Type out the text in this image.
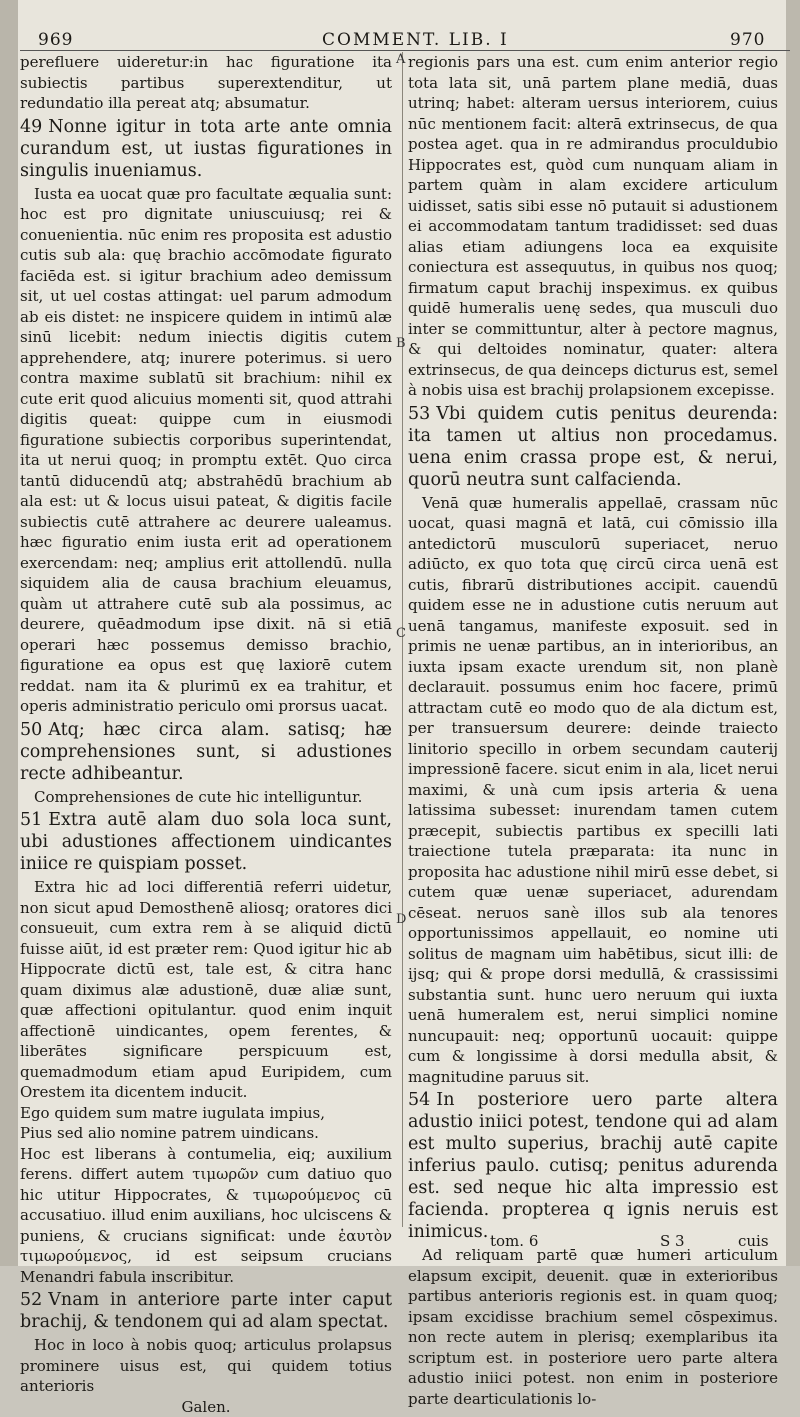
969	COMMENT. LIB. I	970

perefluere uideretur:in hac figuratione ita subiectis partibus superextenditur, ut redundatio illa pereat atq; absumatur.

49 Nonne igitur in tota arte ante omnia curandum est, ut iustas figurationes in singulis inueniamus.

Iusta ea uocat quæ pro facultate æqualia sunt: hoc est pro dignitate uniuscuiusq; rei & conuenientia. nūc enim res proposita est adustio cutis sub ala: quę brachio accōmodate figurato faciēda est. si igitur brachium adeo demissum sit, ut uel costas attingat: uel parum admodum ab eis distet: ne inspicere quidem in intimū alæ sinū licebit: nedum iniectis digitis cutem apprehendere, atq; inurere poterimus. si uero contra maxime sublatū sit brachium: nihil ex cute erit quod alicuius momenti sit, quod attrahi digitis queat: quippe cum in eiusmodi figuratione subiectis corporibus superintendat, ita ut nerui quoq; in promptu extēt. Quo circa tantū diducendū atq; abstrahēdū brachium ab ala est: ut & locus uisui pateat, & digitis facile subiectis cutē attrahere ac deurere ualeamus. hæc figuratio enim iusta erit ad operationem exercendam: neq; amplius erit attollendū. nulla siquidem alia de causa brachium eleuamus, quàm ut attrahere cutē sub ala possimus, ac deurere, quēadmodum ipse dixit. nā si etiā operari hæc possemus demisso brachio, figuratione ea opus est quę laxiorē cutem reddat. nam ita & plurimū ex ea trahitur, et operis administratio periculo omi prorsus uacat.

50 Atq; hæc circa alam. satisq; hæ comprehensiones sunt, si adustiones recte adhibeantur.

Comprehensiones de cute hic intelliguntur.

51 Extra autē alam duo sola loca sunt, ubi adustiones affectionem uindicantes iniice re quispiam posset.

Extra hic ad loci differentiā referri uidetur, non sicut apud Demosthenē aliosq; oratores dici consueuit, cum extra rem à se aliquid dictū fuisse aiūt, id est præter rem: Quod igitur hic ab Hippocrate dictū est, tale est, & citra hanc quam diximus alæ adustionē, duæ aliæ sunt, quæ affectioni opitulantur. quod enim inquit affectionē uindicantes, opem ferentes, & liberātes significare perspicuum est, quemadmodum etiam apud Euripidem, cum Orestem ita dicentem inducit.

Ego quidem sum matre iugulata impius,

Pius sed alio nomine patrem uindicans.

Hoc est liberans à contumelia, eiq; auxilium ferens. differt autem τιμωρῶν cum datiuo quo hic utitur Hippocrates, & τιμωρούμενος cū accusatiuo. illud enim auxilians, hoc ulciscens & puniens, & crucians significat: unde ἑαυτὸν τιμωρούμενος, id est seipsum crucians Menandri fabula inscribitur.

52 Vnam in anteriore parte inter caput brachij, & tendonem qui ad alam spectat.

Hoc in loco à nobis quoq; articulus prolapsus prominere uisus est, qui quidem totius anterioris

Galen.

regionis pars una est. cum enim anterior regio tota lata sit, unā partem plane mediā, duas utrinq; habet: alteram uersus interiorem, cuius nūc mentionem facit: alterā extrinsecus, de qua postea aget. qua in re admirandus proculdubio Hippocrates est, quòd cum nunquam aliam in partem quàm in alam excidere articulum uidisset, satis sibi esse nō putauit si adustionem ei accommodatam tantum tradidisset: sed duas alias etiam adiungens loca ea exquisite coniectura est assequutus, in quibus nos quoq; firmatum caput brachij inspeximus. ex quibus quidē humeralis uenę sedes, qua musculi duo inter se committuntur, alter à pectore magnus, & qui deltoides nominatur, quater: altera extrinsecus, de qua deinceps dicturus est, semel à nobis uisa est brachij prolapsionem excepisse.

53 Vbi quidem cutis penitus deurenda: ita tamen ut altius non procedamus. uena enim crassa prope est, & nerui, quorū neutra sunt calfacienda.

Venā quæ humeralis appellaē, crassam nūc uocat, quasi magnā et latā, cui cōmissio illa antedictorū musculorū superiacet, neruo adiūcto, ex quo tota quę circū circa uenā est cutis, fibrarū distributiones accipit. cauendū quidem esse ne in adustione cutis neruum aut uenā tangamus, manifeste exposuit. sed in primis ne uenæ partibus, an in interioribus, an iuxta ipsam exacte urendum sit, non planè declarauit. possumus enim hoc facere, primū attractam cutē eo modo quo de ala dictum est, per transuersum deurere: deinde traiecto linitorio specillo in orbem secundam cauterij impressionē facere. sicut enim in ala, licet nerui maximi, & unà cum ipsis arteria & uena latissima subesset: inurendam tamen cutem præcepit, subiectis partibus ex specilli lati traiectione tutela præparata: ita nunc in proposita hac adustione nihil mirū esse debet, si cutem quæ uenæ superiacet, adurendam cēseat. neruos sanè illos sub ala tenores opportunissimos appellauit, eo nomine uti solitus de magnam uim habētibus, sicut illi: de ijsq; qui & prope dorsi medullā, & crassissimi substantia sunt. hunc uero neruum qui iuxta uenā humeralem est, nerui simplici nomine nuncupauit: neq; opportunū uocauit: quippe cum & longissime à dorsi medulla absit, & magnitudine paruus sit.

54 In posteriore uero parte altera adustio iniici potest, tendone qui ad alam est multo superius, brachij autē capite inferius paulo. cutisq; penitus adurenda est. sed neque hic alta impressio est facienda. propterea q ignis neruis est inimicus.

Ad reliquam partē quæ humeri articulum elapsum excipit, deuenit. quæ in exterioribus partibus anterioris regionis est. in quam quoq; ipsam excidisse brachium semel cōspeximus. non recte autem in plerisq; exemplaribus ita scriptum est. in posteriore uero parte altera adustio iniici potest. non enim in posteriore parte dearticulationis lo-

A
B
C
D
tom. 6	S 3	cuis
